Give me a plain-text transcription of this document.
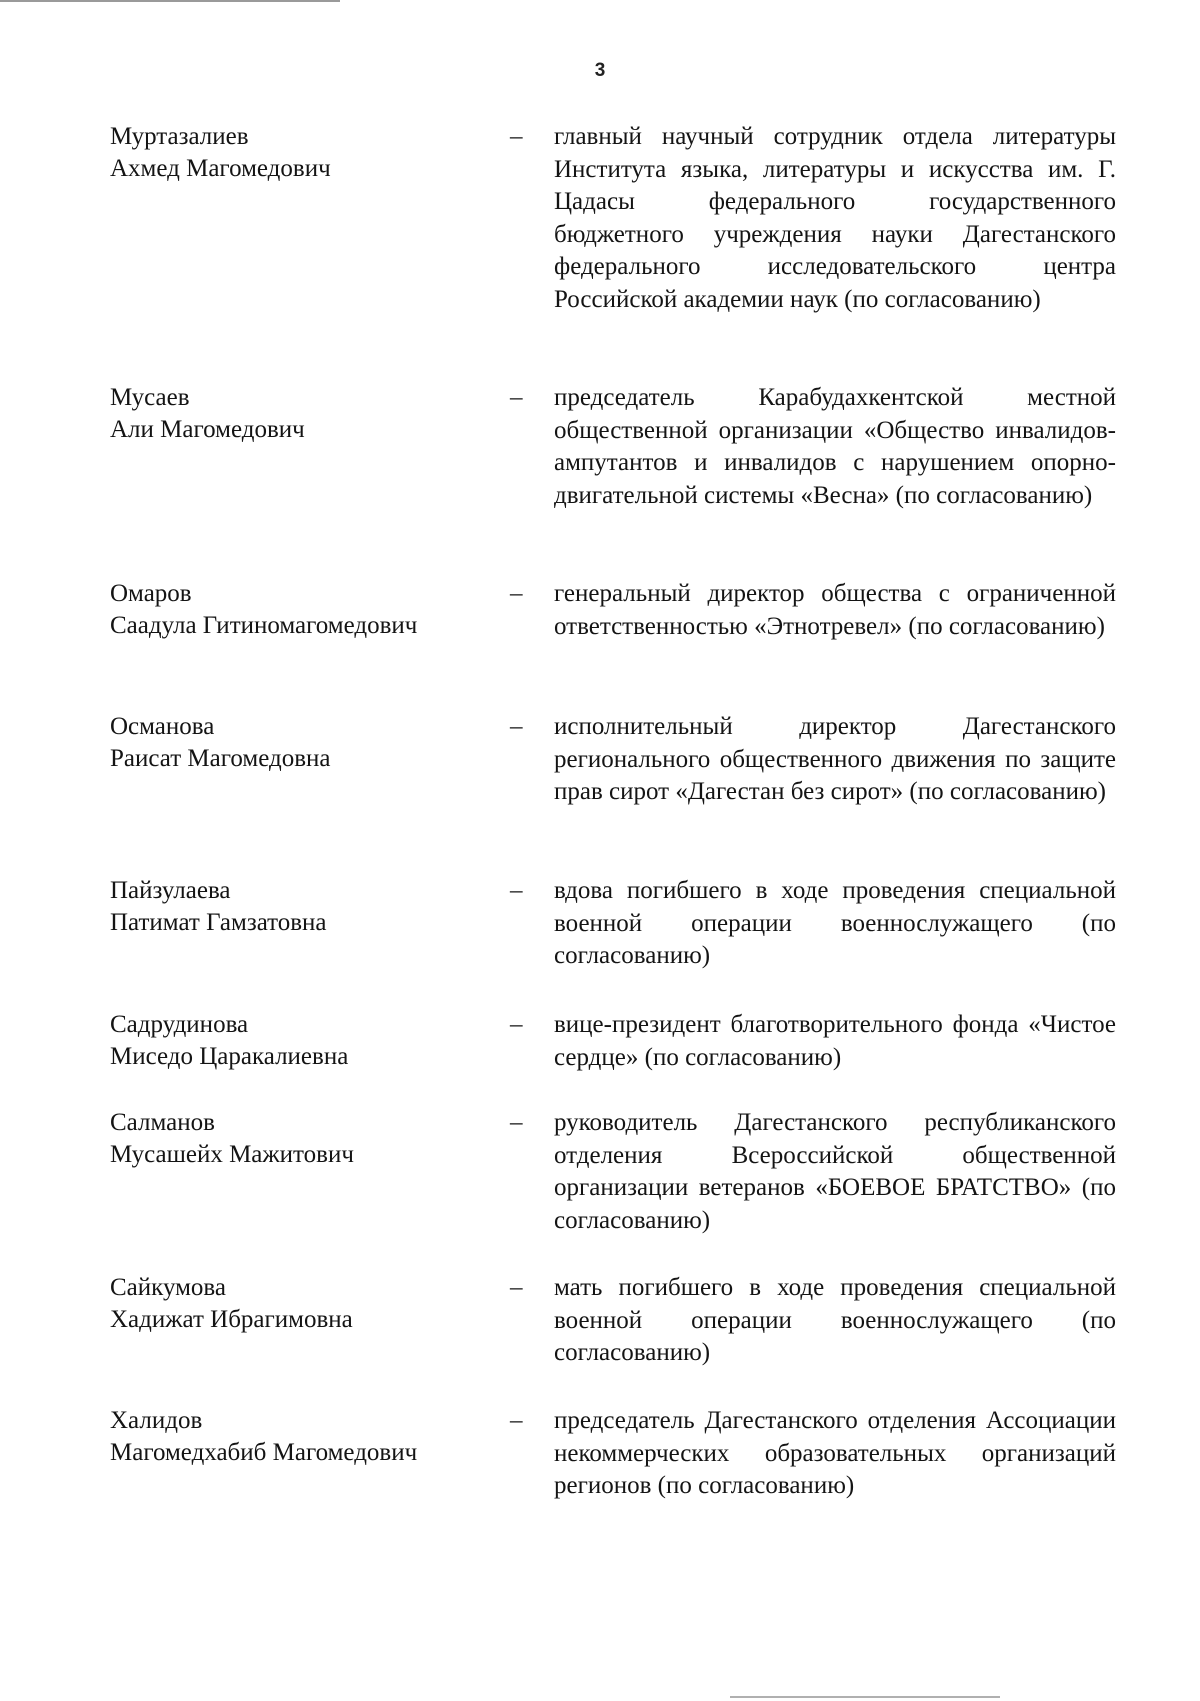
3
Муртазалиев
Ахмед Магомедович
– главный научный сотрудник отдела литературы Института языка, литературы и искусства им. Г. Цадасы федерального государственного бюджетного учреждения науки Дагестанского федерального исследовательского центра Российской академии наук (по согласованию)
Мусаев
Али Магомедович
– председатель Карабудахкентской местной общественной организации «Общество инвалидов-ампутантов и инвалидов с нарушением опорно-двигательной системы «Весна» (по согласованию)
Омаров
Саадула Гитиномагомедович
– генеральный директор общества с ограниченной ответственностью «Этнотревел» (по согласованию)
Османова
Раисат Магомедовна
– исполнительный директор Дагестанского регионального общественного движения по защите прав сирот «Дагестан без сирот» (по согласованию)
Пайзулаева
Патимат Гамзатовна
– вдова погибшего в ходе проведения специальной военной операции военнослужащего (по согласованию)
Садрудинова
Миседо Царакалиевна
– вице-президент благотворительного фонда «Чистое сердце» (по согласованию)
Салманов
Мусашейх Мажитович
– руководитель Дагестанского республиканского отделения Всероссийской общественной организации ветеранов «БОЕВОЕ БРАТСТВО» (по согласованию)
Сайкумова
Хадижат Ибрагимовна
– мать погибшего в ходе проведения специальной военной операции военнослужащего (по согласованию)
Халидов
Магомедхабиб Магомедович
– председатель Дагестанского отделения Ассоциации некоммерческих образовательных организаций регионов (по согласованию)
